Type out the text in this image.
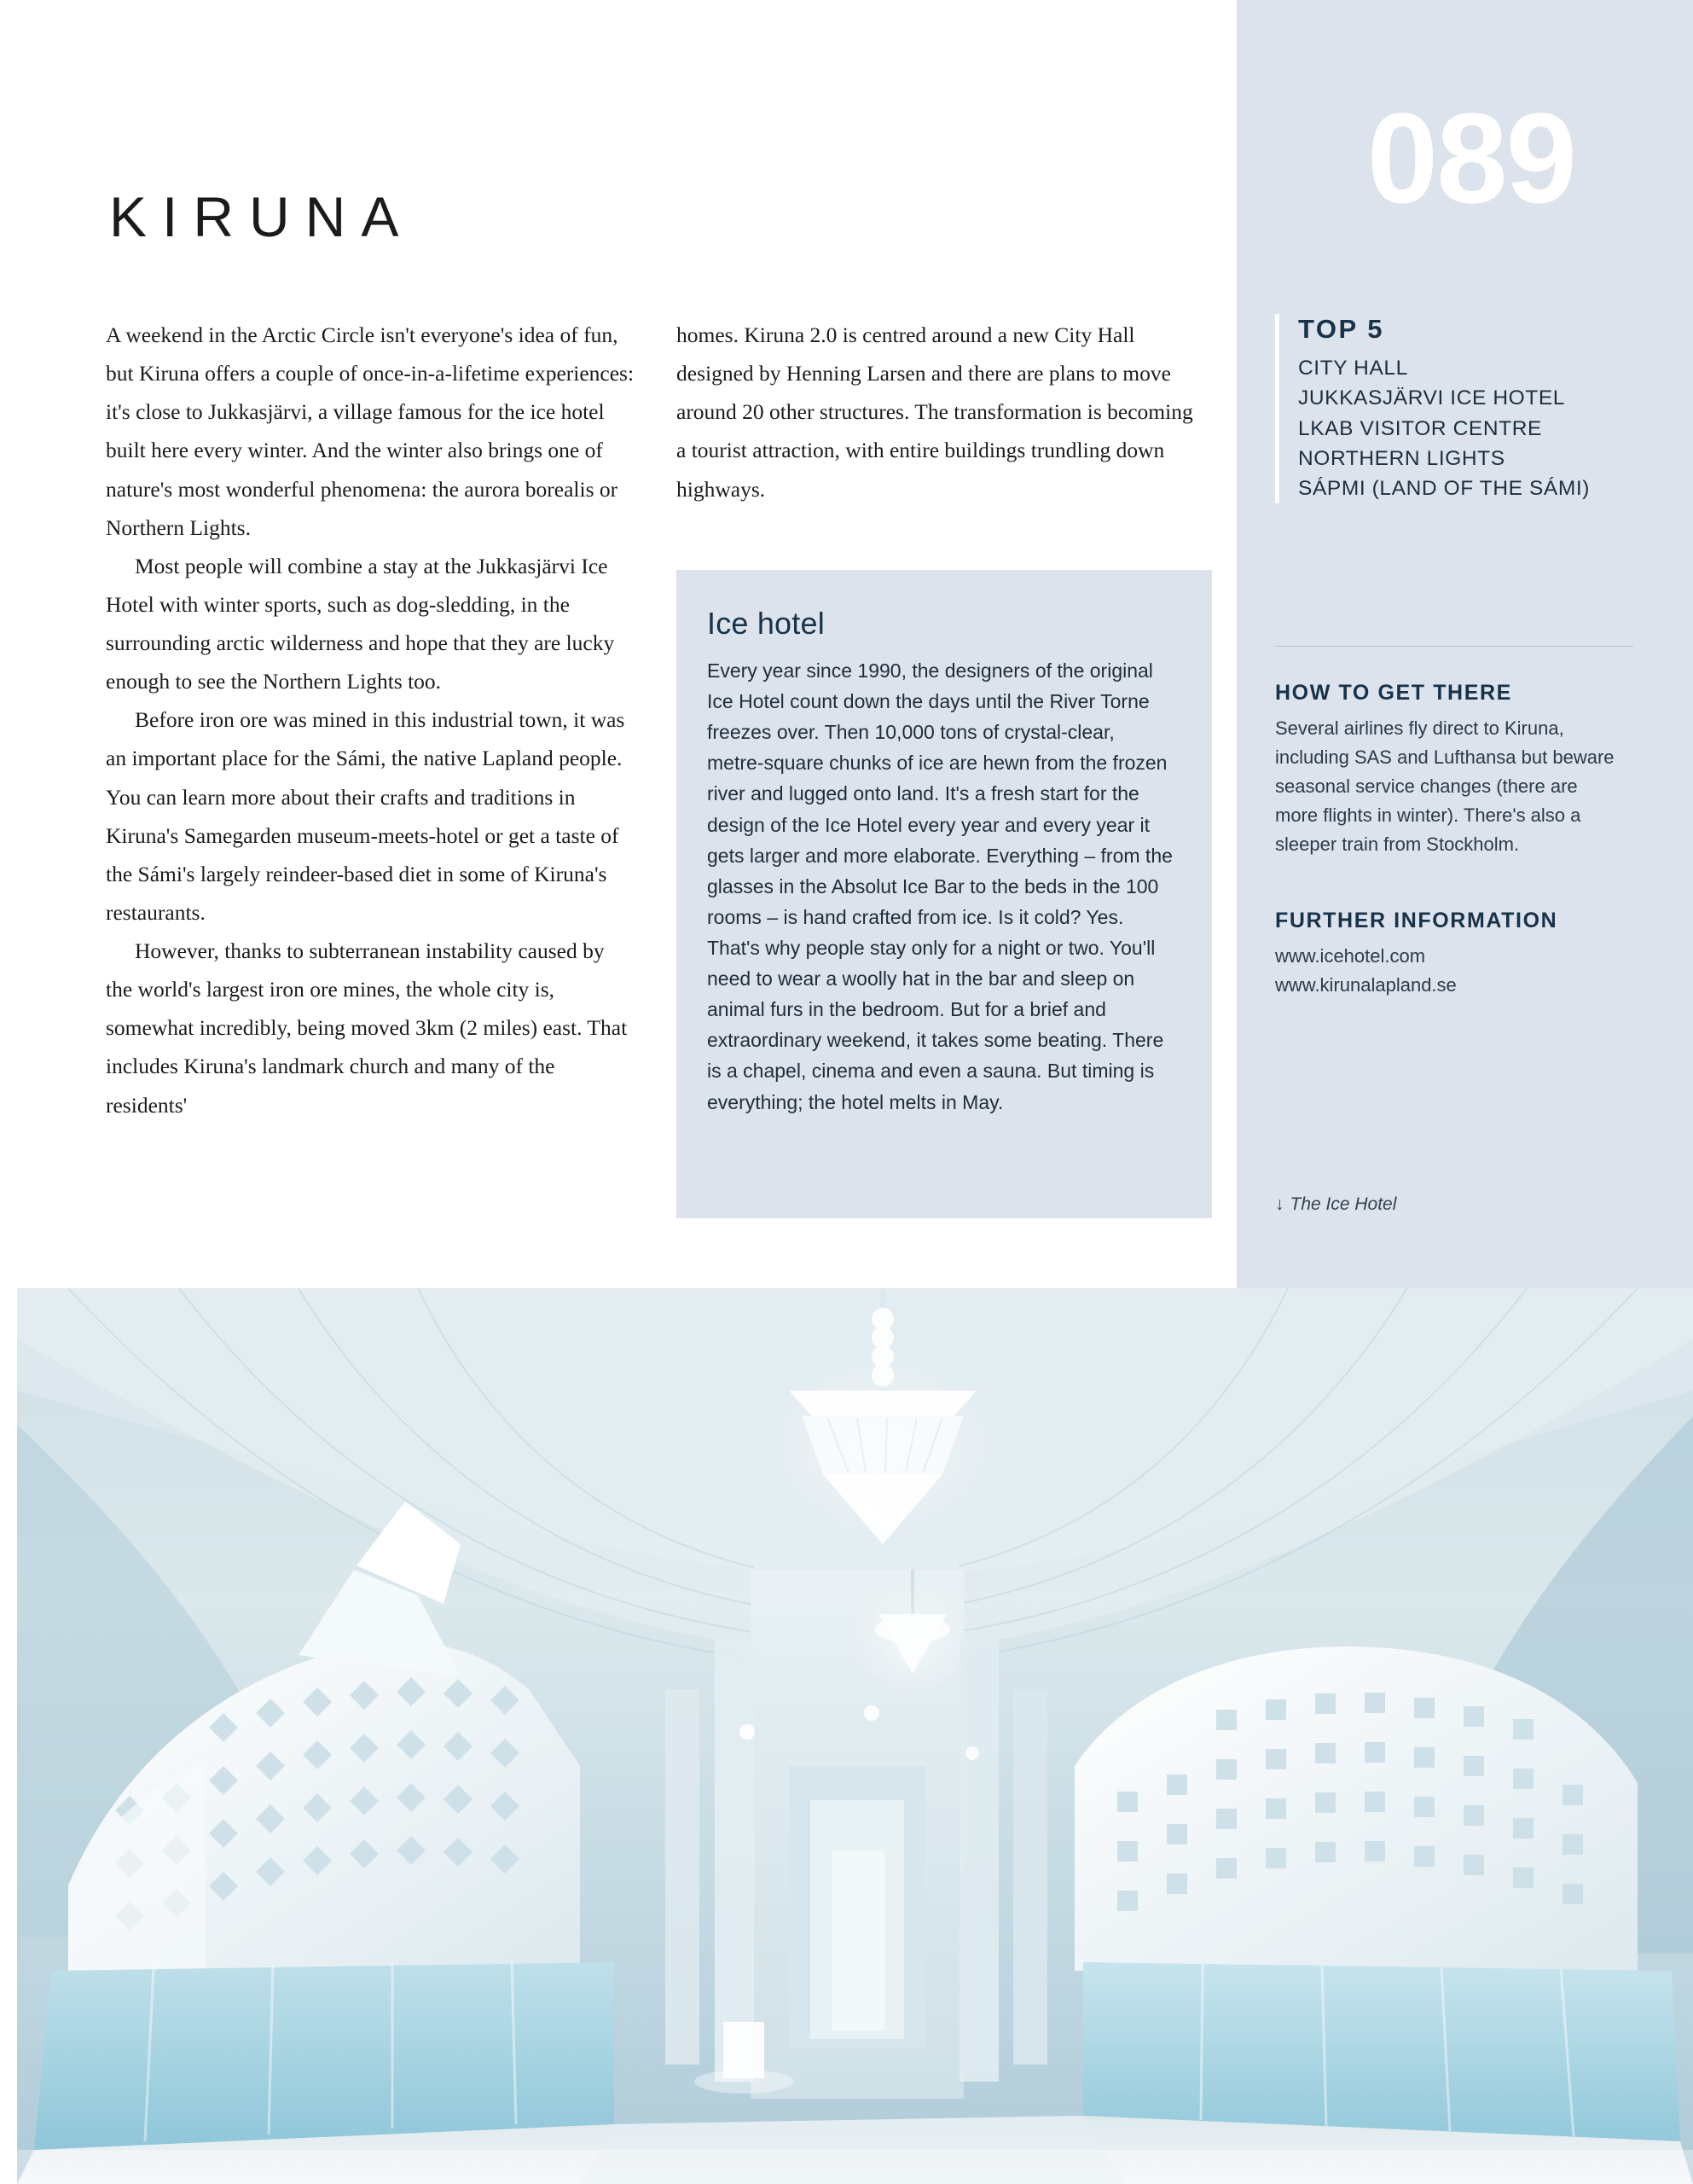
089
KIRUNA

A weekend in the Arctic Circle isn't everyone's idea of fun, but Kiruna offers a couple of once-in-a-lifetime experiences: it's close to Jukkasjärvi, a village famous for the ice hotel built here every winter. And the winter also brings one of nature's most wonderful phenomena: the aurora borealis or Northern Lights.

Most people will combine a stay at the Jukkasjärvi Ice Hotel with winter sports, such as dog-sledding, in the surrounding arctic wilderness and hope that they are lucky enough to see the Northern Lights too.

Before iron ore was mined in this industrial town, it was an important place for the Sámi, the native Lapland people. You can learn more about their crafts and traditions in Kiruna's Samegarden museum-meets-hotel or get a taste of the Sámi's largely reindeer-based diet in some of Kiruna's restaurants.

However, thanks to subterranean instability caused by the world's largest iron ore mines, the whole city is, somewhat incredibly, being moved 3km (2 miles) east. That includes Kiruna's landmark church and many of the residents'

homes. Kiruna 2.0 is centred around a new City Hall designed by Henning Larsen and there are plans to move around 20 other structures. The transformation is becoming a tourist attraction, with entire buildings trundling down highways.

Ice hotel

Every year since 1990, the designers of the original Ice Hotel count down the days until the River Torne freezes over. Then 10,000 tons of crystal-clear, metre-square chunks of ice are hewn from the frozen river and lugged onto land. It's a fresh start for the design of the Ice Hotel every year and every year it gets larger and more elaborate. Everything – from the glasses in the Absolut Ice Bar to the beds in the 100 rooms – is hand crafted from ice. Is it cold? Yes. That's why people stay only for a night or two. You'll need to wear a woolly hat in the bar and sleep on animal furs in the bedroom. But for a brief and extraordinary weekend, it takes some beating. There is a chapel, cinema and even a sauna. But timing is everything; the hotel melts in May.

TOP 5
CITY HALL
JUKKASJÄRVI ICE HOTEL
LKAB VISITOR CENTRE
NORTHERN LIGHTS
SÁPMI (LAND OF THE SÁMI)
HOW TO GET THERE

Several airlines fly direct to Kiruna, including SAS and Lufthansa but beware seasonal service changes (there are more flights in winter). There's also a sleeper train from Stockholm.

FURTHER INFORMATION
www.icehotel.com
www.kirunalapland.se
↓ The Ice Hotel
